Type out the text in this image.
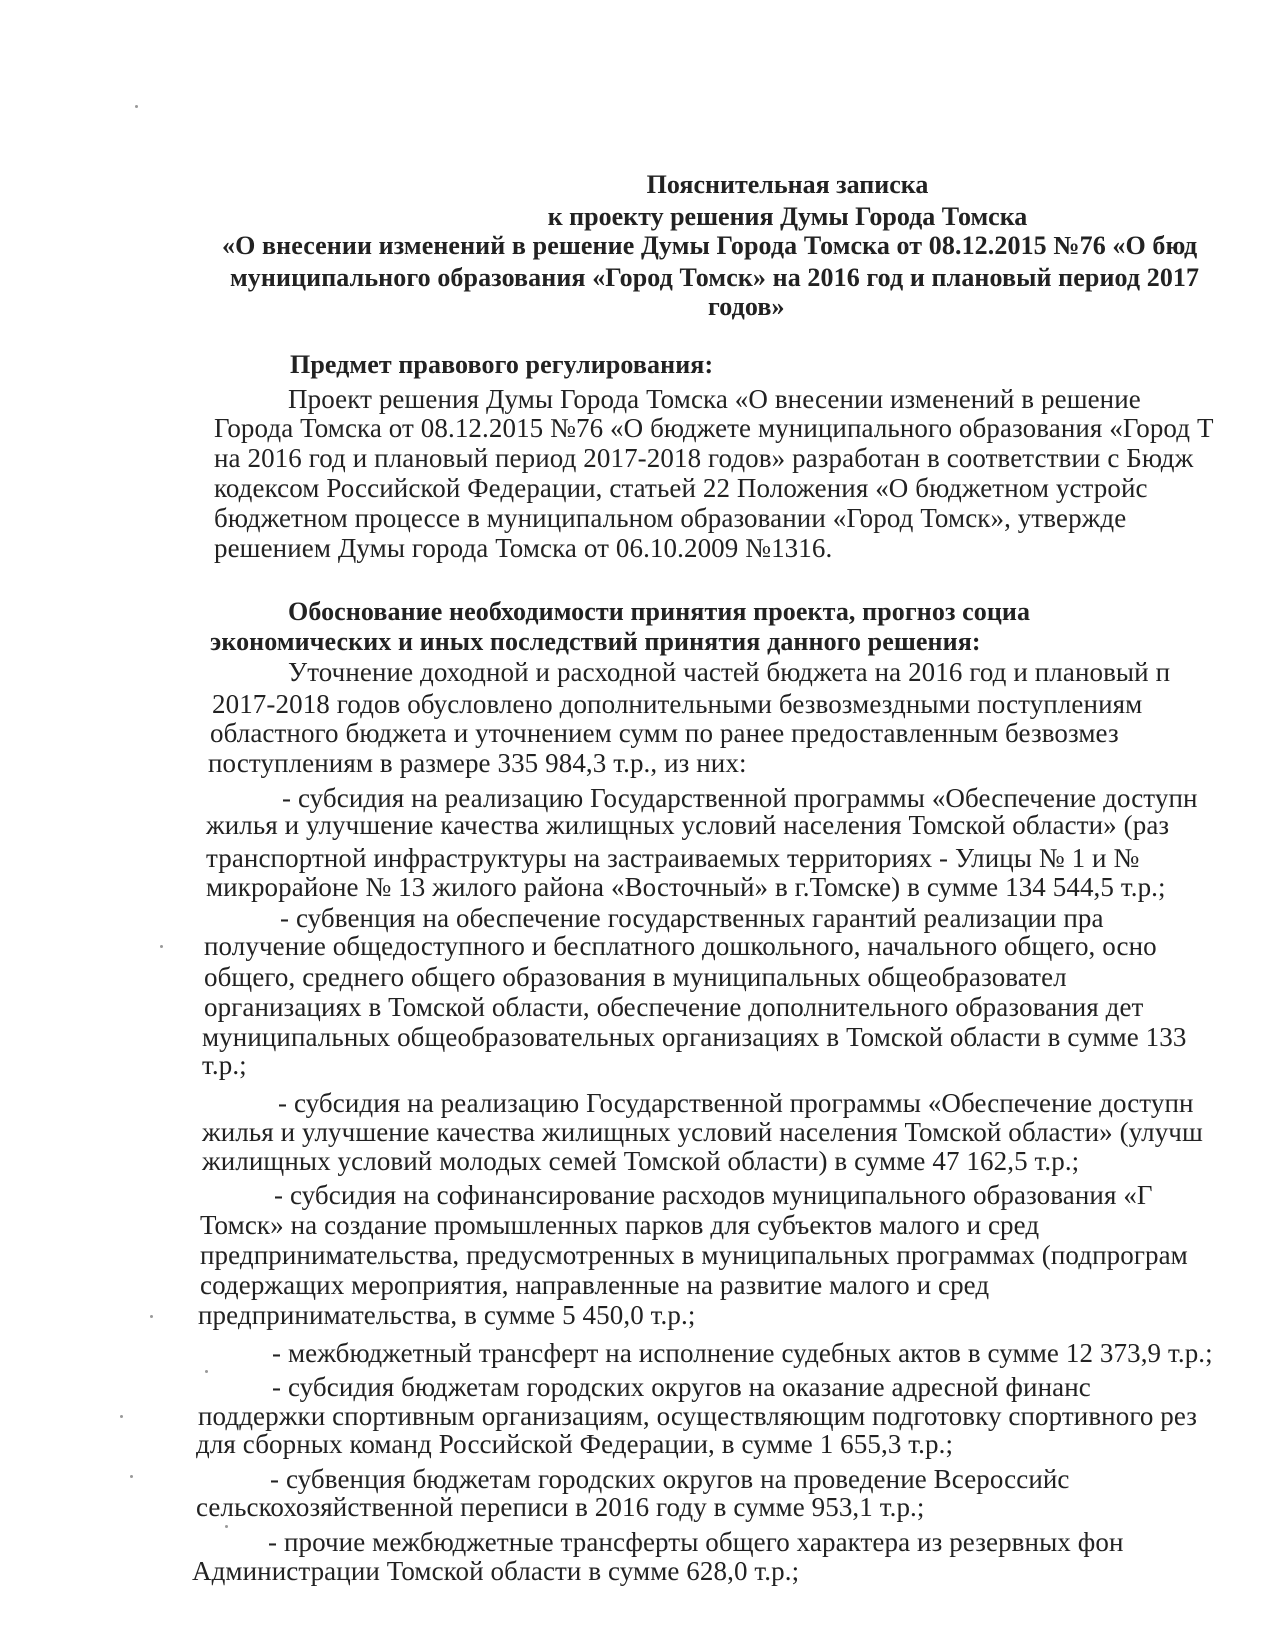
Пояснительная записка
к проекту решения Думы Города Томска
«О внесении изменений в решение Думы Города Томска от 08.12.2015 №76 «О бюд
муниципального образования «Город Томск» на 2016 год и плановый период 2017
годов»
Предмет правового регулирования:
Проект решения Думы Города Томска «О внесении изменений в решение
Города Томска от 08.12.2015 №76 «О бюджете муниципального образования «Город Т
на 2016 год и плановый период 2017-2018 годов» разработан в соответствии с Бюдж
кодексом Российской Федерации, статьей 22 Положения «О бюджетном устройс
бюджетном процессе в муниципальном образовании «Город Томск», утвержде
решением Думы города Томска от 06.10.2009 №1316.
Обоснование необходимости принятия проекта, прогноз социа
экономических и иных последствий принятия данного решения:
Уточнение доходной и расходной частей бюджета на 2016 год и плановый п
2017-2018 годов обусловлено дополнительными безвозмездными поступлениям
областного бюджета и уточнением сумм по ранее предоставленным безвозмез
поступлениям в размере 335 984,3 т.р., из них:
- субсидия на реализацию Государственной программы «Обеспечение доступн
жилья и улучшение качества жилищных условий населения Томской области» (раз
транспортной инфраструктуры на застраиваемых территориях - Улицы № 1 и №
микрорайоне № 13 жилого района «Восточный» в г.Томске) в сумме 134 544,5 т.р.;
- субвенция на обеспечение государственных гарантий реализации пра
получение общедоступного и бесплатного дошкольного, начального общего, осно
общего, среднего общего образования в муниципальных общеобразовател
организациях в Томской области, обеспечение дополнительного образования дет
муниципальных общеобразовательных организациях в Томской области в сумме 133
т.р.;
- субсидия на реализацию Государственной программы «Обеспечение доступн
жилья и улучшение качества жилищных условий населения Томской области» (улучш
жилищных условий молодых семей Томской области) в сумме 47 162,5 т.р.;
- субсидия на софинансирование расходов муниципального образования «Г
Томск» на создание промышленных парков для субъектов малого и сред
предпринимательства, предусмотренных в муниципальных программах (подпрограм
содержащих мероприятия, направленные на развитие малого и сред
предпринимательства, в сумме 5 450,0 т.р.;
- межбюджетный трансферт на исполнение судебных актов в сумме 12 373,9 т.р.;
- субсидия бюджетам городских округов на оказание адресной финанс
поддержки спортивным организациям, осуществляющим подготовку спортивного рез
для сборных команд Российской Федерации, в сумме 1 655,3 т.р.;
- субвенция бюджетам городских округов на проведение Всероссийс
сельскохозяйственной переписи в 2016 году в сумме 953,1 т.р.;
- прочие межбюджетные трансферты общего характера из резервных фон
Администрации Томской области в сумме 628,0 т.р.;
